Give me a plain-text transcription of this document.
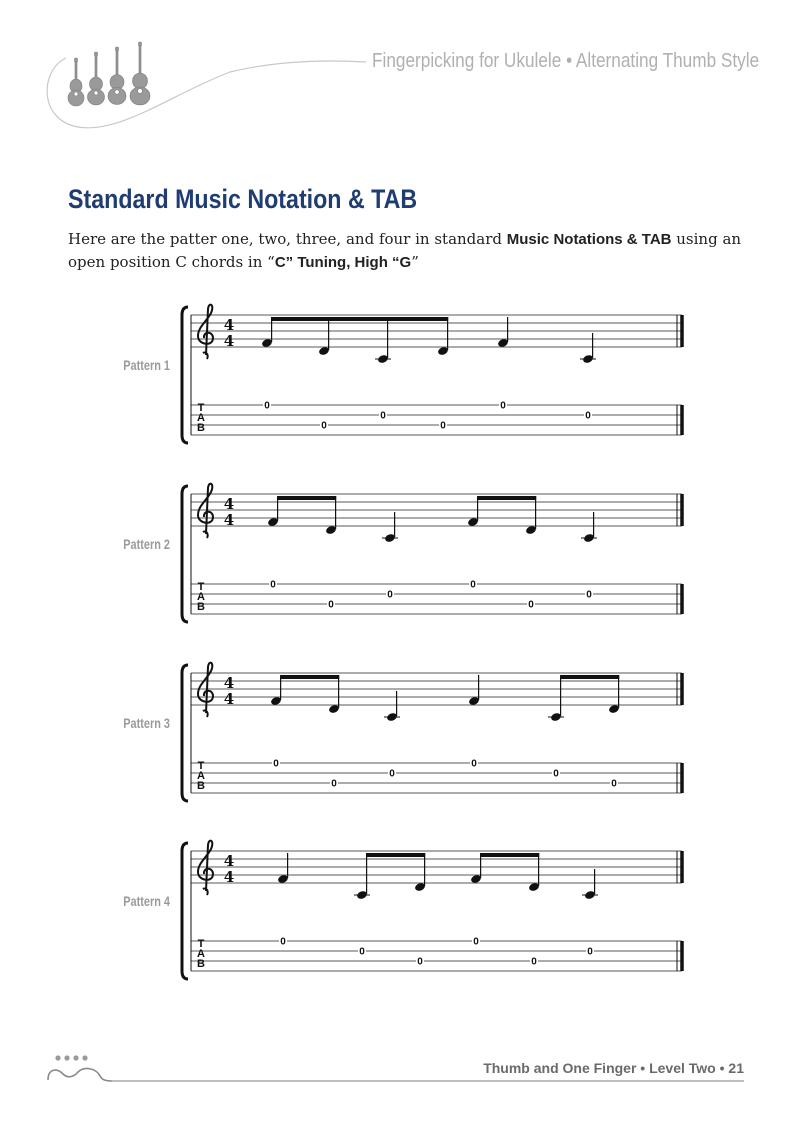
Fingerpicking for Ukulele • Alternating Thumb Style
Standard Music Notation & TAB
Here are the patter one, two, three, and four in standard Music Notations & TAB using an open position C chords in “C” Tuning, High “G”
4
4
T
A
B
0
0
0
0
0
0
4
4
T
A
B
0
0
0
0
0
0
4
4
T
A
B
0
0
0
0
0
0
4
4
T
A
B
0
0
0
0
0
0
Thumb and One Finger • Level Two • 21
Pattern 1
Pattern 2
Pattern 3
Pattern 4
